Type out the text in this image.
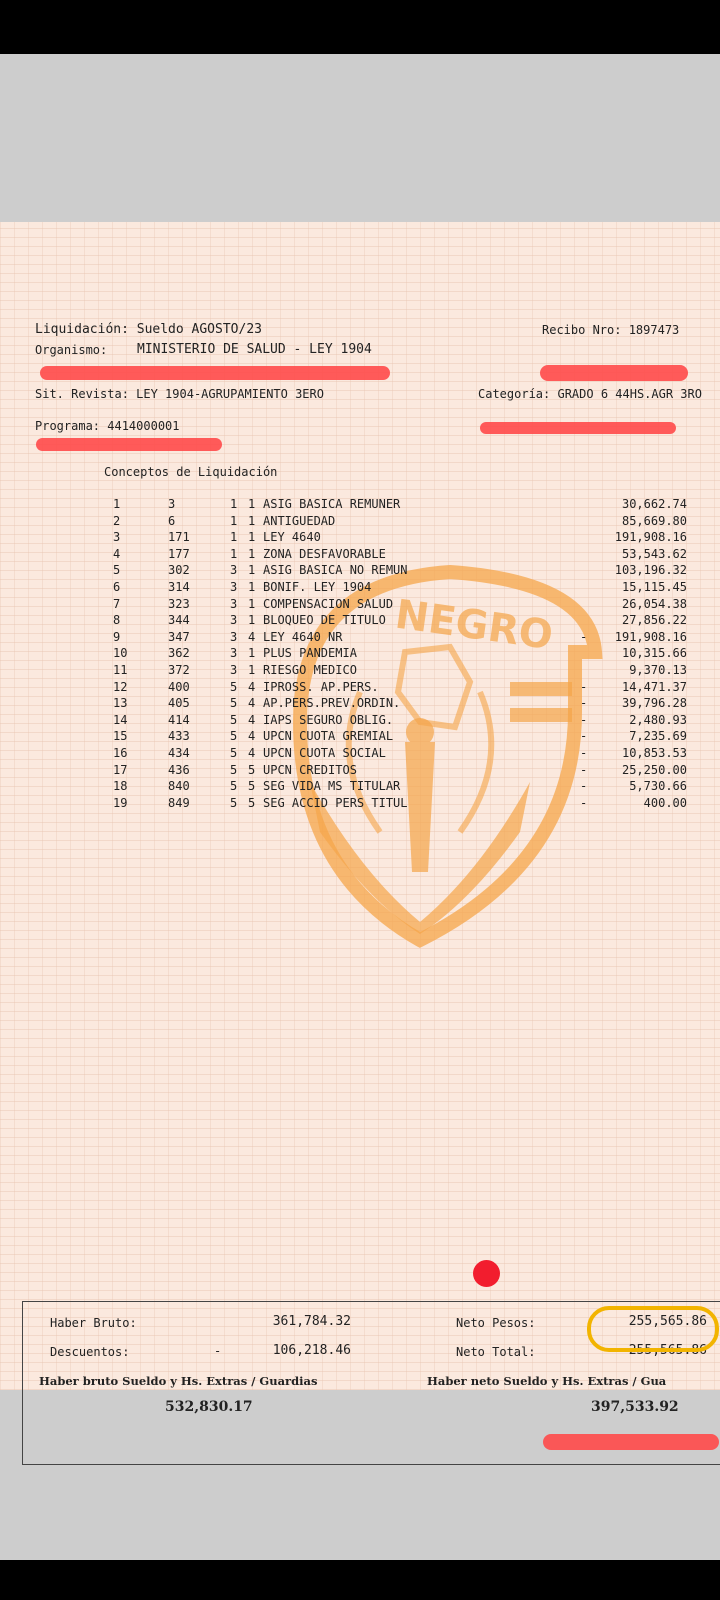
NEGRO
Liquidación: Sueldo AGOSTO/23	Recibo Nro: 1897473
Organismo: MINISTERIO DE SALUD - LEY 1904
Sit. Revista: LEY 1904-AGRUPAMIENTO 3ERO	Categoría: GRADO 6 44HS.AGR 3RO
Programa: 4414000001
Conceptos de Liquidación
1	3	1 1 ASIG BASICA REMUNER	30,662.74
2	6	1 1 ANTIGUEDAD	85,669.80
3	171	1 1 LEY 4640	191,908.16
4	177	1 1 ZONA DESFAVORABLE	53,543.62
5	302	3 1 ASIG BASICA NO REMUN	103,196.32
6	314	3 1 BONIF. LEY 1904	15,115.45
7	323	3 1 COMPENSACION SALUD	26,054.38
8	344	3 1 BLOQUEO DE TITULO	27,856.22
9	347	3 4 LEY 4640 NR	- 191,908.16
10	362	3 1 PLUS PANDEMIA	10,315.66
11	372	3 1 RIESGO MEDICO	9,370.13
12	400	5 4 IPROSS. AP.PERS.	-	14,471.37
13	405	5 4 AP.PERS.PREV.ORDIN.	-	39,796.28
14	414	5 4 IAPS SEGURO OBLIG.	-	2,480.93
15	433	5 4 UPCN CUOTA GREMIAL	-	7,235.69
16	434	5 4 UPCN CUOTA SOCIAL	-	10,853.53
17	436	5 5 UPCN CREDITOS	-	25,250.00
18	840	5 5 SEG VIDA MS TITULAR	-	5,730.66
19	849	5 5 SEG ACCID PERS TITUL	-	400.00
Haber Bruto:	361,784.32
Descuentos:	-	106,218.46
Neto Pesos:	255,565.86
Neto Total:	255,565.86
Haber bruto Sueldo y Hs. Extras / Guardias
532,830.17
Haber neto Sueldo y Hs. Extras / Gua
397,533.92
